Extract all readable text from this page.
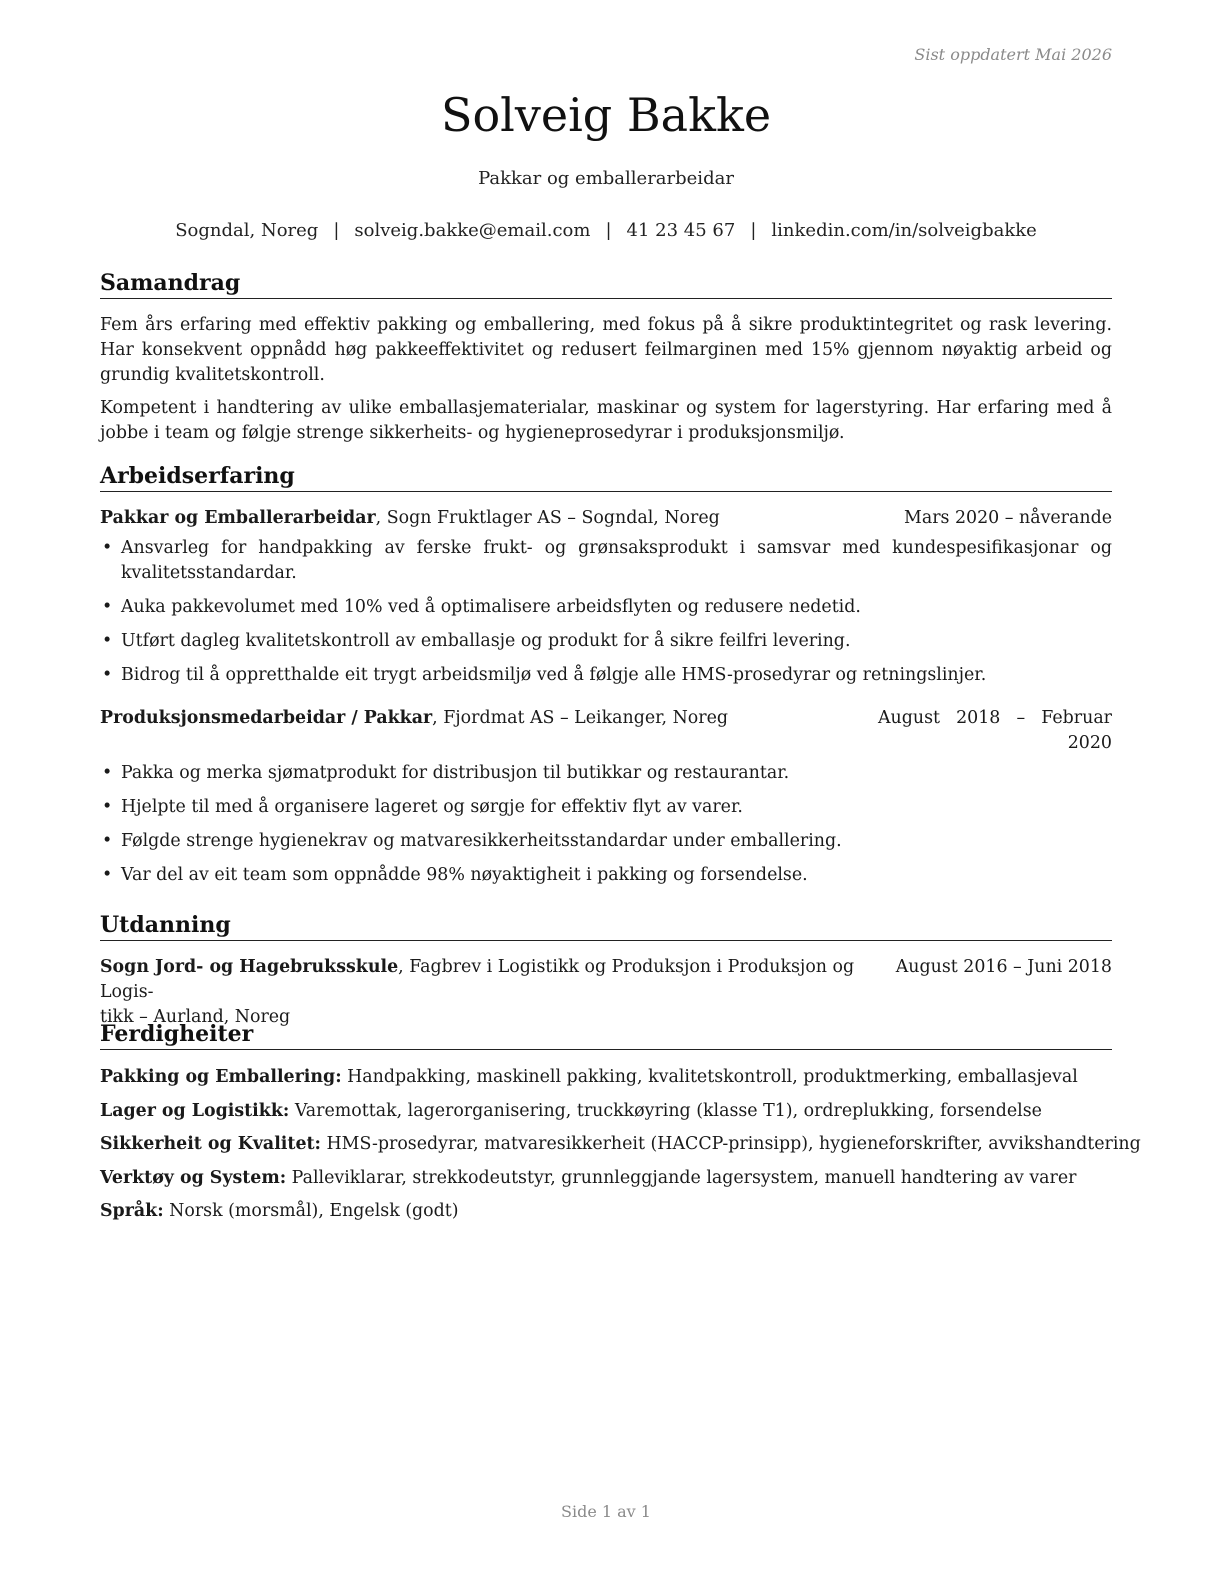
Sist oppdatert Mai 2026
Solveig Bakke
Pakkar og emballerarbeidar
Sogndal, Noreg | solveig.bakke@email.com | 41 23 45 67 | linkedin.com/in/solveigbakke
Samandrag

Fem års erfaring med effektiv pakking og emballering, med fokus på å sikre produktintegritet og rask levering. Har konsekvent oppnådd høg pakkeeffektivitet og redusert feilmarginen med 15% gjennom nøyaktig arbeid og grundig kvalitetskontroll.

Kompetent i handtering av ulike emballasjematerialar, maskinar og system for lagerstyring. Har erfaring med å jobbe i team og følgje strenge sikkerheits- og hygieneprosedyrar i produksjonsmiljø.

Arbeidserfaring
Pakkar og Emballerarbeidar, Sogn Fruktlager AS – Sogndal, Noreg	Mars 2020 – nåverande
• Ansvarleg for handpakking av ferske frukt- og grønsaksprodukt i samsvar med kundespesifikasjonar og kvalitetsstandardar.
• Auka pakkevolumet med 10% ved å optimalisere arbeidsflyten og redusere nedetid.
• Utført dagleg kvalitetskontroll av emballasje og produkt for å sikre feilfri levering.
• Bidrog til å oppretthalde eit trygt arbeidsmiljø ved å følgje alle HMS-prosedyrar og retningslinjer.
Produksjonsmedarbeidar / Pakkar, Fjordmat AS – Leikanger, Noreg	August 2018 – Februar
2020
• Pakka og merka sjømatprodukt for distribusjon til butikkar og restaurantar.
• Hjelpte til med å organisere lageret og sørgje for effektiv flyt av varer.
• Følgde strenge hygienekrav og matvaresikkerheitsstandardar under emballering.
• Var del av eit team som oppnådde 98% nøyaktigheit i pakking og forsendelse.
Utdanning
Sogn Jord- og Hagebruksskule, Fagbrev i Logistikk og Produksjon i Produksjon og Logis-
tikk – Aurland, Noreg
August 2016 – Juni 2018
Ferdigheiter

Pakking og Emballering: Handpakking, maskinell pakking, kvalitetskontroll, produktmerking, emballasjeval

Lager og Logistikk: Varemottak, lagerorganisering, truckkøyring (klasse T1), ordreplukking, forsendelse

Sikkerheit og Kvalitet: HMS-prosedyrar, matvaresikkerheit (HACCP-prinsipp), hygieneforskrifter, avvikshandtering

Verktøy og System: Palleviklarar, strekkodeutstyr, grunnleggjande lagersystem, manuell handtering av varer

Språk: Norsk (morsmål), Engelsk (godt)

Side 1 av 1
